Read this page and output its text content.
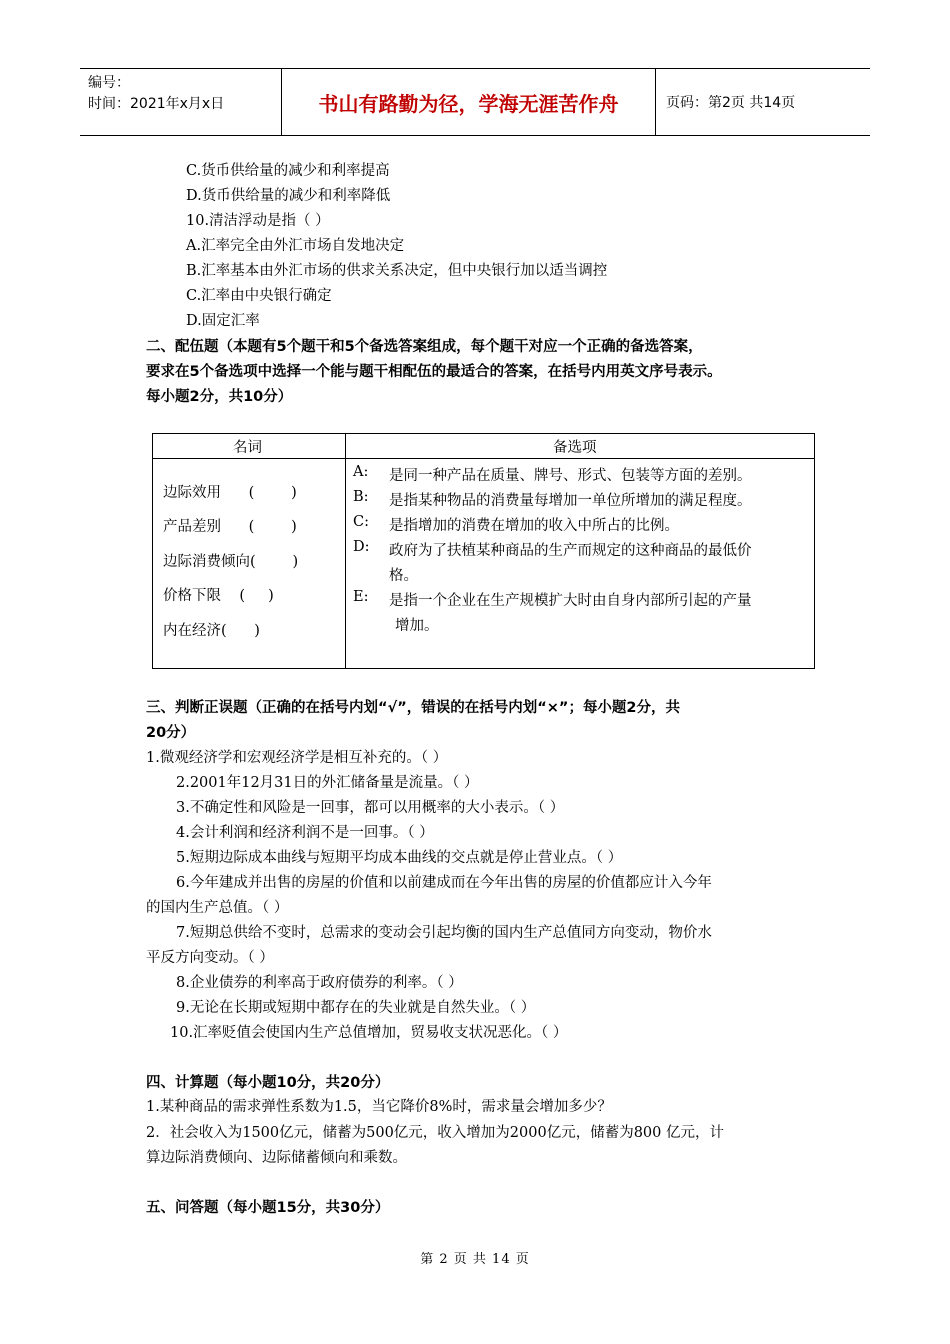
编号：
时间：2021年x月x日	书山有路勤为径，学海无涯苦作舟	页码：第2页 共14页
C.货币供给量的减少和利率提高
D.货币供给量的减少和利率降低
10.清洁浮动是指（ ）
A.汇率完全由外汇市场自发地决定
B.汇率基本由外汇市场的供求关系决定，但中央银行加以适当调控
C.汇率由中央银行确定
D.固定汇率
二、配伍题（本题有5个题干和5个备选答案组成，每个题干对应一个正确的备选答案，
要求在5个备选项中选择一个能与题干相配伍的最适合的答案，在括号内用英文序号表示。
每小题2分，共10分）
名词	备选项
边际效用      (        )
产品差别      (        )
边际消费倾向(        )
价格下限    (     )
内在经济(      )
A:	是同一种产品在质量、牌号、形式、包装等方面的差别。
B:	是指某种物品的消费量每增加一单位所增加的满足程度。
C:	是指增加的消费在增加的收入中所占的比例。
D:	政府为了扶植某种商品的生产而规定的这种商品的最低价
格。
E:	是指一个企业在生产规模扩大时由自身内部所引起的产量
增加。
三、判断正误题（正确的在括号内划“√”，错误的在括号内划“×”；每小题2分，共
20分）
1.微观经济学和宏观经济学是相互补充的。（ ）
2.2001年12月31日的外汇储备量是流量。（ ）
3.不确定性和风险是一回事，都可以用概率的大小表示。（ ）
4.会计利润和经济利润不是一回事。（ ）
5.短期边际成本曲线与短期平均成本曲线的交点就是停止营业点。（ ）
6.今年建成并出售的房屋的价值和以前建成而在今年出售的房屋的价值都应计入今年
的国内生产总值。（ ）
7.短期总供给不变时，总需求的变动会引起均衡的国内生产总值同方向变动，物价水
平反方向变动。（ ）
8.企业债券的利率高于政府债券的利率。（ ）
9.无论在长期或短期中都存在的失业就是自然失业。（ ）
10.汇率贬值会使国内生产总值增加，贸易收支状况恶化。（ ）
四、计算题（每小题10分，共20分）
1.某种商品的需求弹性系数为1.5，当它降价8%时，需求量会增加多少？
2．社会收入为1500亿元，储蓄为500亿元，收入增加为2000亿元，储蓄为800 亿元，计
算边际消费倾向、边际储蓄倾向和乘数。
五、问答题（每小题15分，共30分）
第 2 页 共 14 页
